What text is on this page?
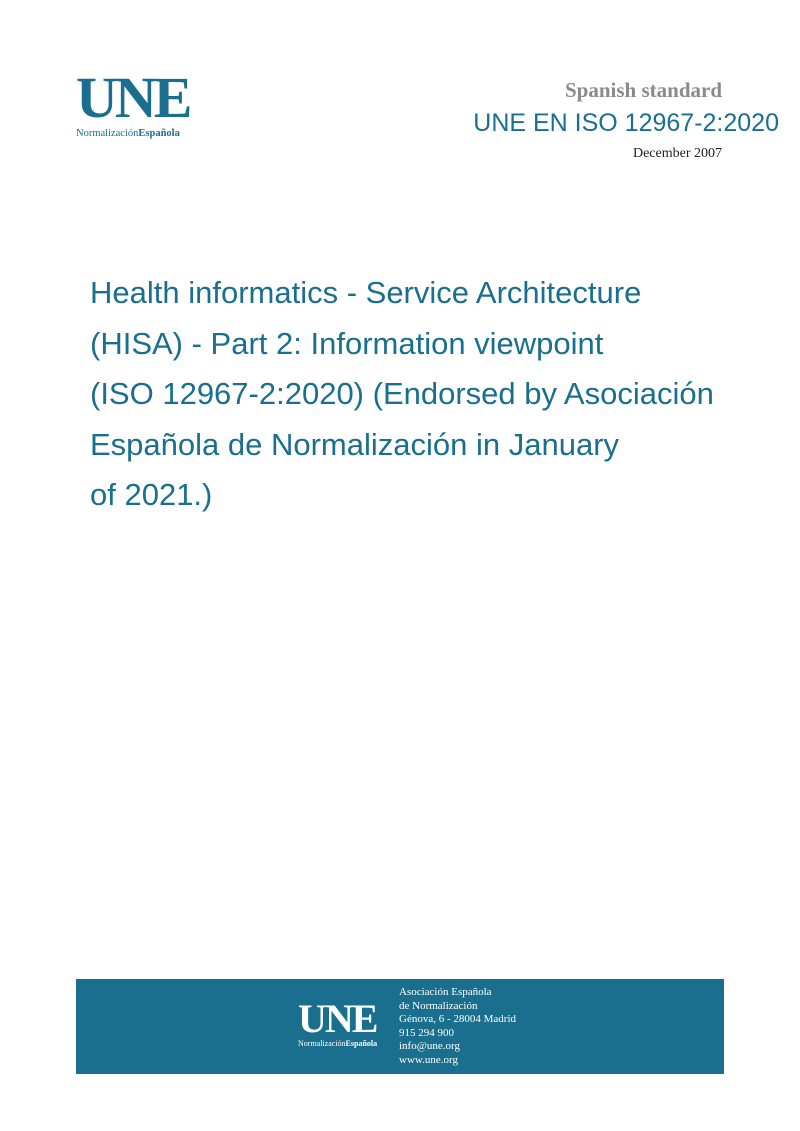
UNE
NormalizaciónEspañola
Spanish standard
UNE EN ISO 12967-2:2020
December 2007
Health informatics - Service Architecture
(HISA) - Part 2: Information viewpoint
(ISO 12967-2:2020) (Endorsed by Asociación
Española de Normalización in January
of 2021.)
UNE
NormalizaciónEspañola
Asociación Española
de Normalización
Génova, 6 - 28004 Madrid
915 294 900
info@une.org
www.une.org
